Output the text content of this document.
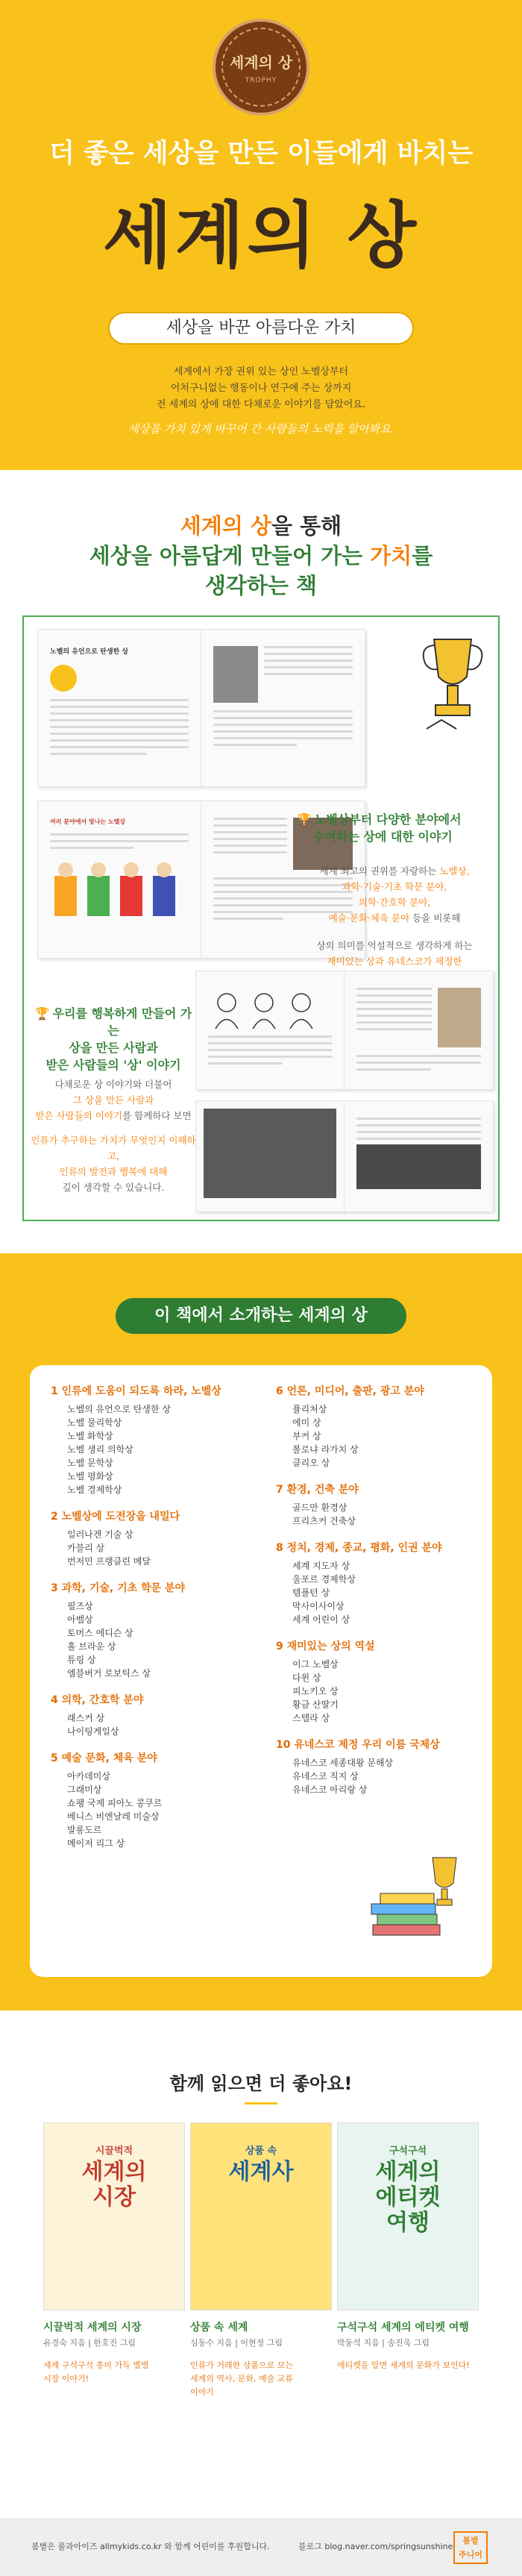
세계의 상
TROPHY
더 좋은 세상을 만든 이들에게 바치는
세계의 상
세상을 바꾼 아름다운 가치
세계에서 가장 권위 있는 상인 노벨상부터
어처구니없는 행동이나 연구에 주는 상까지
전 세계의 상에 대한 다채로운 이야기를 담았어요.
세상을 가치 있게 바꾸어 간 사람들의 노력을 알아봐요.
세계의 상을 통해
세상을 아름답게 만들어 가는 가치를
생각하는 책
노벨의 유언으로 탄생한 상
여러 분야에서 빛나는 노벨상	🏆 노벨상부터 다양한 분야에서
수여하는 상에 대한 이야기
세계 최고의 권위를 자랑하는 노벨상,
과학·기술·기초 학문 분야,
의학·간호학 분야,
예술·문화·체육 분야 등을 비롯해
상의 의미를 억설적으로 생각하게 하는
재미있는 상과 유네스코가 제정한
🏆 우리를 행복하게 만들어 가는
상을 만든 사람과
받은 사람들의 '상' 이야기
다채로운 상 이야기와 더불어
그 상을 만든 사람과
받은 사람들의 이야기를 함께하다 보면
인류가 추구하는 가치가 무엇인지 이해하고,
인류의 발전과 행복에 대해
깊이 생각할 수 있습니다.
이 책에서 소개하는 세계의 상
1 인류에 도움이 되도록 하라, 노벨상
노벨의 유언으로 탄생한 상
노벨 물리학상
노벨 화학상
노벨 생리 의학상
노벨 문학상
노벨 평화상
노벨 경제학상
2 노벨상에 도전장을 내밀다
일러나겐 기술 상
카블리 상
번저민 프랭클린 메달
3 과학, 기술, 기초 학문 분야
필즈상
아벨상
토머스 에디슨 상
홀 브라운 상
튜링 상
엠블버거 로보틱스 상
4 의학, 간호학 분야
래스커 상
나이팅게일상
5 예술 문화, 체육 분야
아카데미상
그래미상
쇼팽 국제 피아노 콩쿠르
베니스 비엔날레 미술상
발롱도르
메이저 리그 상
6 언론, 미디어, 출판, 광고 분야
퓰리처상
에미 상
부커 상
볼로냐 라가치 상
클리오 상
7 환경, 건축 분야
골드만 환경상
프리츠커 건축상
8 정치, 경제, 종교, 평화, 인권 분야
세계 지도자 상
울포르 경제학상
템플턴 상
막사이사이상
세계 어린이 상
9 재미있는 상의 역설
이그 노벨상
다윈 상
피노키오 상
황금 산딸기
스텔라 상
10 유네스코 제정 우리 이름 국제상
유네스코 세종대왕 문해상
유네스코 직지 상
유네스코 아리랑 상
함께 읽으면 더 좋아요!
시끌벅적
세계의
시장
시끌벅적 세계의 시장
유경숙 지음 | 한호진 그림
세계 구석구석 흥미 가득 별별
시장 이야기!
상품 속
세계사
상품 속 세계
심동수 지음 | 이현정 그림
인류가 거래한 상품으로 보는
세계의 역사, 문화, 예술 교류
이야기
구석구석
세계의
에티켓
여행
구석구석 세계의 에티켓 여행
박동석 지음 | 송진욱 그림
에티켓을 알면 세계의 문화가 보인다!
봄볕은 풀과아이즈 allmykids.co.kr 와 함께 어린이를 후원합니다.	블로그 blog.naver.com/springsunshine
봄볕
주니어
